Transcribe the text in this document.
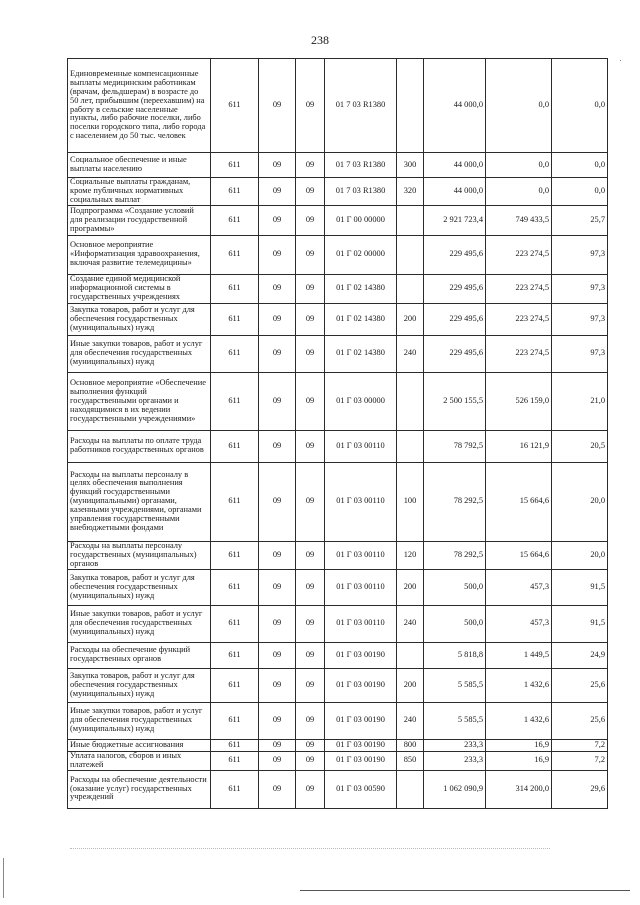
238
Единовременные компенсационные выплаты медицинским работникам (врачам, фельдшерам) в возрасте до 50 лет, прибывшим (переехавшим) на работу в сельские населенные пункты, либо рабочие поселки, либо поселки городского типа, либо города с населением до 50 тыс. человек	611	09	09	01 7 03 R1380		44 000,0	0,0	0,0
Социальное обеспечение и иные выплаты населению	611	09	09	01 7 03 R1380	300	44 000,0	0,0	0,0
Социальные выплаты гражданам, кроме публичных нормативных социальных выплат	611	09	09	01 7 03 R1380	320	44 000,0	0,0	0,0
Подпрограмма «Создание условий для реализации государственной программы»	611	09	09	01 Г 00 00000		2 921 723,4	749 433,5	25,7
Основное мероприятие «Информатизация здравоохранения, включая развитие телемедицины»	611	09	09	01 Г 02 00000		229 495,6	223 274,5	97,3
Создание единой медицинской информационной системы в государственных учреждениях	611	09	09	01 Г 02 14380		229 495,6	223 274,5	97,3
Закупка товаров, работ и услуг для обеспечения государственных (муниципальных) нужд	611	09	09	01 Г 02 14380	200	229 495,6	223 274,5	97,3
Иные закупки товаров, работ и услуг для обеспечения государственных (муниципальных) нужд	611	09	09	01 Г 02 14380	240	229 495,6	223 274,5	97,3
Основное мероприятие «Обеспечение выполнения функций государственными органами и находящимися в их ведении государственными учреждениями»	611	09	09	01 Г 03 00000		2 500 155,5	526 159,0	21,0
Расходы на выплаты по оплате труда работников государственных органов	611	09	09	01 Г 03 00110		78 792,5	16 121,9	20,5
Расходы на выплаты персоналу в целях обеспечения выполнения функций государственными (муниципальными) органами, казенными учреждениями, органами управления государственными внебюджетными фондами	611	09	09	01 Г 03 00110	100	78 292,5	15 664,6	20,0
Расходы на выплаты персоналу государственных (муниципальных) органов	611	09	09	01 Г 03 00110	120	78 292,5	15 664,6	20,0
Закупка товаров, работ и услуг для обеспечения государственных (муниципальных) нужд	611	09	09	01 Г 03 00110	200	500,0	457,3	91,5
Иные закупки товаров, работ и услуг для обеспечения государственных (муниципальных) нужд	611	09	09	01 Г 03 00110	240	500,0	457,3	91,5
Расходы на обеспечение функций государственных органов	611	09	09	01 Г 03 00190		5 818,8	1 449,5	24,9
Закупка товаров, работ и услуг для обеспечения государственных (муниципальных) нужд	611	09	09	01 Г 03 00190	200	5 585,5	1 432,6	25,6
Иные закупки товаров, работ и услуг для обеспечения государственных (муниципальных) нужд	611	09	09	01 Г 03 00190	240	5 585,5	1 432,6	25,6
Иные бюджетные ассигнования	611	09	09	01 Г 03 00190	800	233,3	16,9	7,2
Уплата налогов, сборов и иных платежей	611	09	09	01 Г 03 00190	850	233,3	16,9	7,2
Расходы на обеспечение деятельности (оказание услуг) государственных учреждений	611	09	09	01 Г 03 00590		1 062 090,9	314 200,0	29,6
